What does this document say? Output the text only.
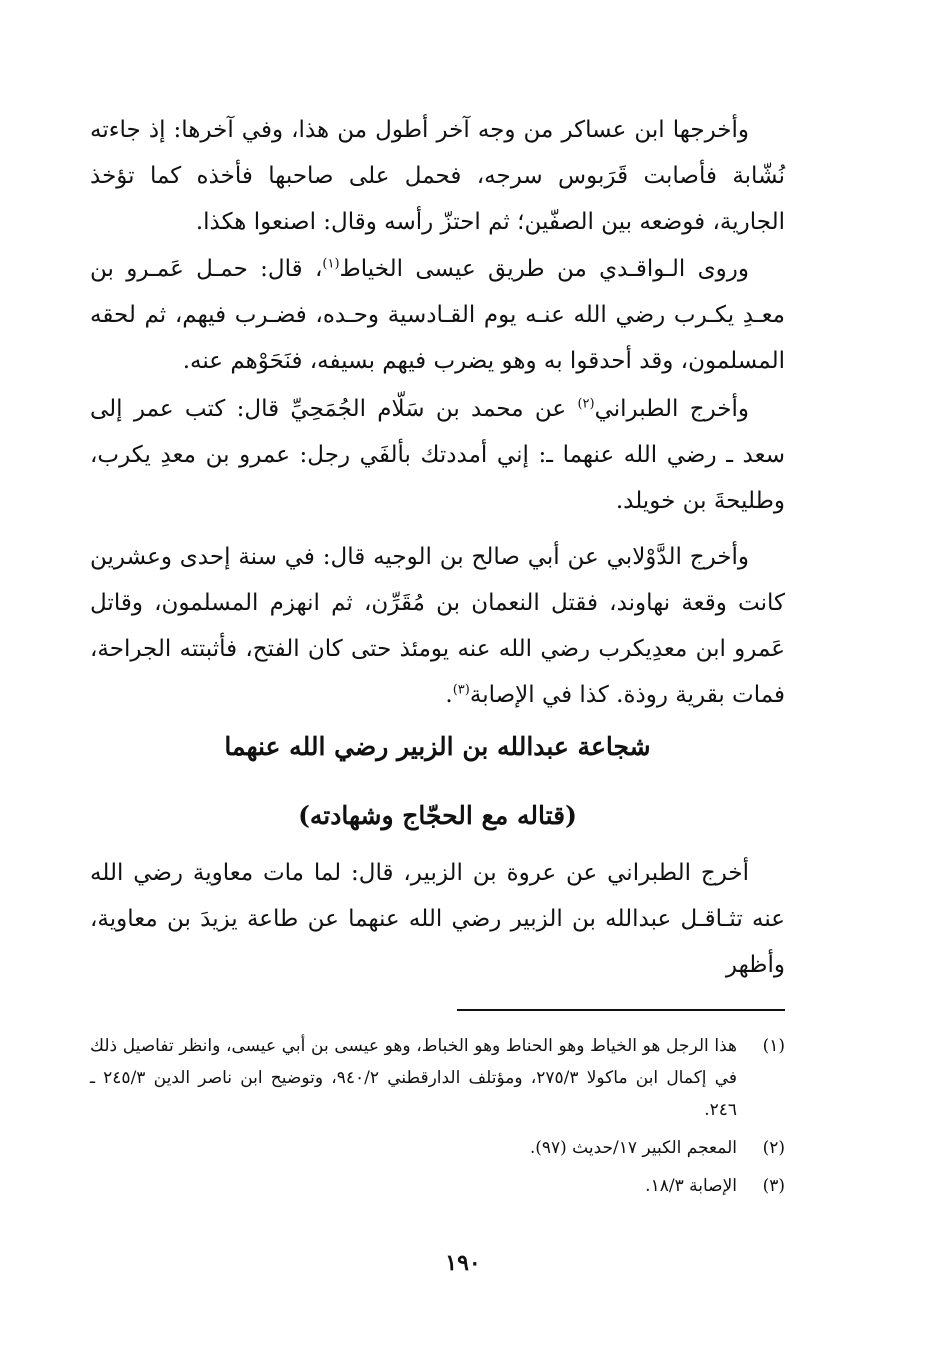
وأخرجها ابن عساكر من وجه آخر أطول من هذا، وفي آخرها: إذ جاءته نُشّابة فأصابت قَرَبوس سرجه، فحمل على صاحبها فأخذه كما تؤخذ الجارية، فوضعه بين الصفّين؛ ثم احتزّ رأسه وقال: اصنعوا هكذا.

وروى الـواقـدي من طريق عيسى الخياط$^{(١)}$، قال: حمـل عَمـرو بن معـدِ يكـرب رضي الله عنـه يوم القـادسية وحـده، فضـرب فيهم، ثم لحقه المسلمون، وقد أحدقوا به وهو يضرب فيهم بسيفه، فنَحَوْهم عنه.

وأخرج الطبراني$^{(٢)}$ عن محمد بن سَلّام الجُمَحِيِّ قال: كتب عمر إلى سعد ـ رضي الله عنهما ـ: إني أمددتك بألفَي رجل: عمرو بن معدِ يكرب، وطليحةَ بن خويلد.

وأخرج الدَّوْلابي عن أبي صالح بن الوجيه قال: في سنة إحدى وعشرين كانت وقعة نهاوند، فقتل النعمان بن مُقَرِّن، ثم انهزم المسلمون، وقاتل عَمرو ابن معدِيكرب رضي الله عنه يومئذ حتى كان الفتح، فأثبتته الجراحة، فمات بقرية روذة. كذا في الإصابة$^{(٣)}$.

شجاعة عبدالله بن الزبير رضي الله عنهما
(قتاله مع الحجّاج وشهادته)

أخرج الطبراني عن عروة بن الزبير، قال: لما مات معاوية رضي الله عنه تثـاقـل عبدالله بن الزبير رضي الله عنهما عن طاعة يزيدَ بن معاوية، وأظهر

(١)
هذا الرجل هو الخياط وهو الحناط وهو الخباط، وهو عيسى بن أبي عيسى، وانظر تفاصيل ذلك في إكمال ابن ماكولا ٢٧٥/٣، ومؤتلف الدارقطني ٩٤٠/٢، وتوضيح ابن ناصر الدين ٢٤٥/٣ ـ ٢٤٦.
(٢)
المعجم الكبير ١٧/حديث (٩٧).
(٣)
الإصابة ١٨/٣.
١٩٠
